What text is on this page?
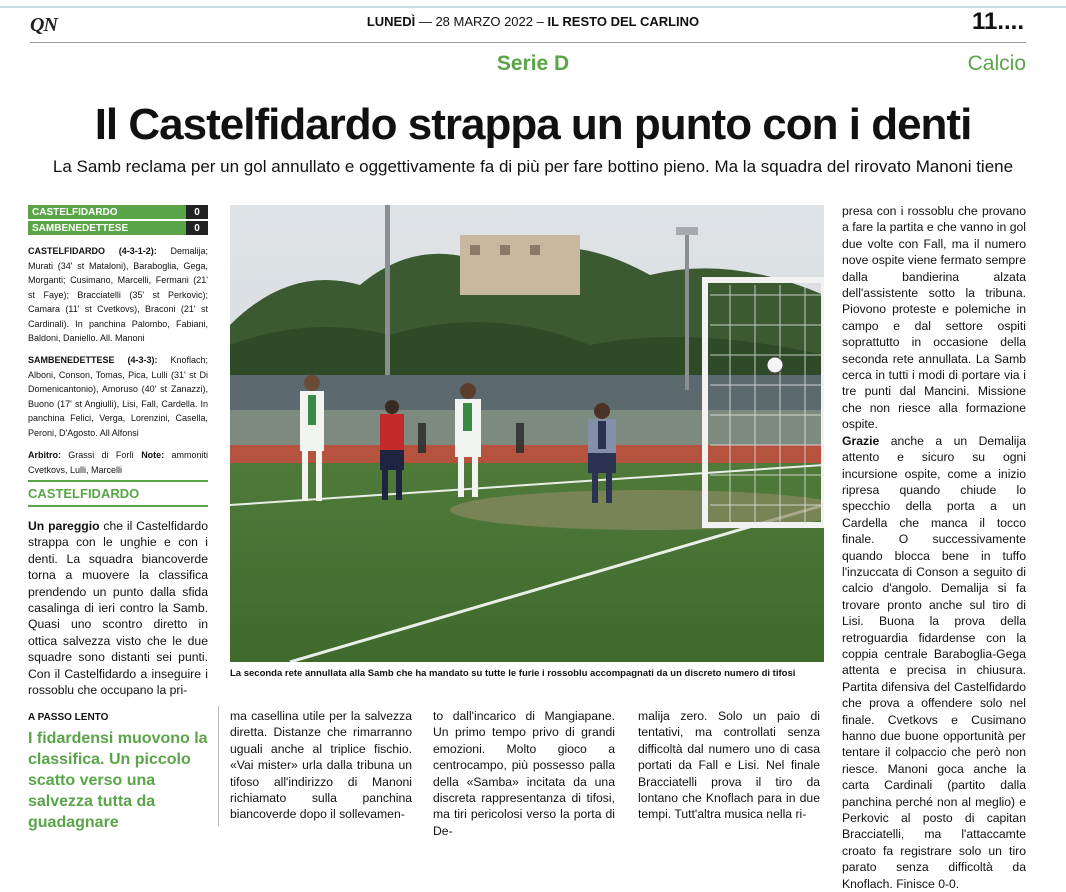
QN	LUNEDÌ — 28 MARZO 2022 – IL RESTO DEL CARLINO	11....
Serie D	Calcio
Il Castelfidardo strappa un punto con i denti
La Samb reclama per un gol annullato e oggettivamente fa di più per fare bottino pieno. Ma la squadra del rirovato Manoni tiene
CASTELFIDARDO	0
SAMBENEDETTESE	0
CASTELFIDARDO (4-3-1-2): Demalija; Murati (34' st Mataloni), Baraboglia, Gega, Morganti; Cusimano, Marcelli, Fermani (21' st Faye); Bracciatelli (35' st Perkovic); Camara (11' st Cvetkovs), Braconi (21' st Cardinali). In panchina Palombo, Fabiani, Baldoni, Daniello. All. Manoni
SAMBENEDETTESE (4-3-3): Knoflach; Alboni, Conson, Tomas, Pica, Lulli (31' st Di Domenicantonio), Amoruso (40' st Zanazzi), Buono (17' st Angiulli), Lisi, Fall, Cardella. In panchina Felici, Verga, Lorenzini, Casella, Peroni, D'Agosto. All Alfonsi
Arbitro: Grassi di Forlì Note: ammoniti Cvetkovs, Lulli, Marcelli
CASTELFIDARDO
Un pareggio che il Castelfidardo strappa con le unghie e con i denti. La squadra biancoverde torna a muovere la classifica prendendo un punto dalla sfida casalinga di ieri contro la Samb. Quasi uno scontro diretto in ottica salvezza visto che le due squadre sono distanti sei punti. Con il Castelfidardo a inseguire i rossoblu che occupano la pri-
A PASSO LENTO
I fidardensi muovono la classifica. Un piccolo scatto verso una salvezza tutta da guadagnare
La seconda rete annullata alla Samb che ha mandato su tutte le furie i rossoblu accompagnati da un discreto numero di tifosi
ma casellina utile per la salvezza diretta. Distanze che rimarranno uguali anche al triplice fischio. «Vai mister» urla dalla tribuna un tifoso all'indirizzo di Manoni richiamato sulla panchina biancoverde dopo il sollevamen-
to dall'incarico di Mangiapane. Un primo tempo privo di grandi emozioni. Molto gioco a centrocampo, più possesso palla della «Samba» incitata da una discreta rappresentanza di tifosi, ma tiri pericolosi verso la porta di De-
malija zero. Solo un paio di tentativi, ma controllati senza difficoltà dal numero uno di casa portati da Fall e Lisi. Nel finale Bracciatelli prova il tiro da lontano che Knoflach para in due tempi. Tutt'altra musica nella ri-
presa con i rossoblu che provano a fare la partita e che vanno in gol due volte con Fall, ma il numero nove ospite viene fermato sempre dalla bandierina alzata dell'assistente sotto la tribuna. Piovono proteste e polemiche in campo e dal settore ospiti soprattutto in occasione della seconda rete annullata. La Samb cerca in tutti i modi di portare via i tre punti dal Mancini. Missione che non riesce alla formazione ospite.
Grazie anche a un Demalija attento e sicuro su ogni incursione ospite, come a inizio ripresa quando chiude lo specchio della porta a un Cardella che manca il tocco finale. O successivamente quando blocca bene in tuffo l'inzuccata di Conson a seguito di calcio d'angolo. Demalija si fa trovare pronto anche sul tiro di Lisi. Buona la prova della retroguardia fidardense con la coppia centrale Baraboglia-Gega attenta e precisa in chiusura. Partita difensiva del Castelfidardo che prova a offendere solo nel finale. Cvetkovs e Cusimano hanno due buone opportunità per tentare il colpaccio che però non riesce. Manoni goca anche la carta Cardinali (partito dalla panchina perché non al meglio) e Perkovic al posto di capitan Bracciatelli, ma l'attaccamte croato fa registrare solo un tiro parato senza difficoltà da Knoflach. Finisce 0-0.
